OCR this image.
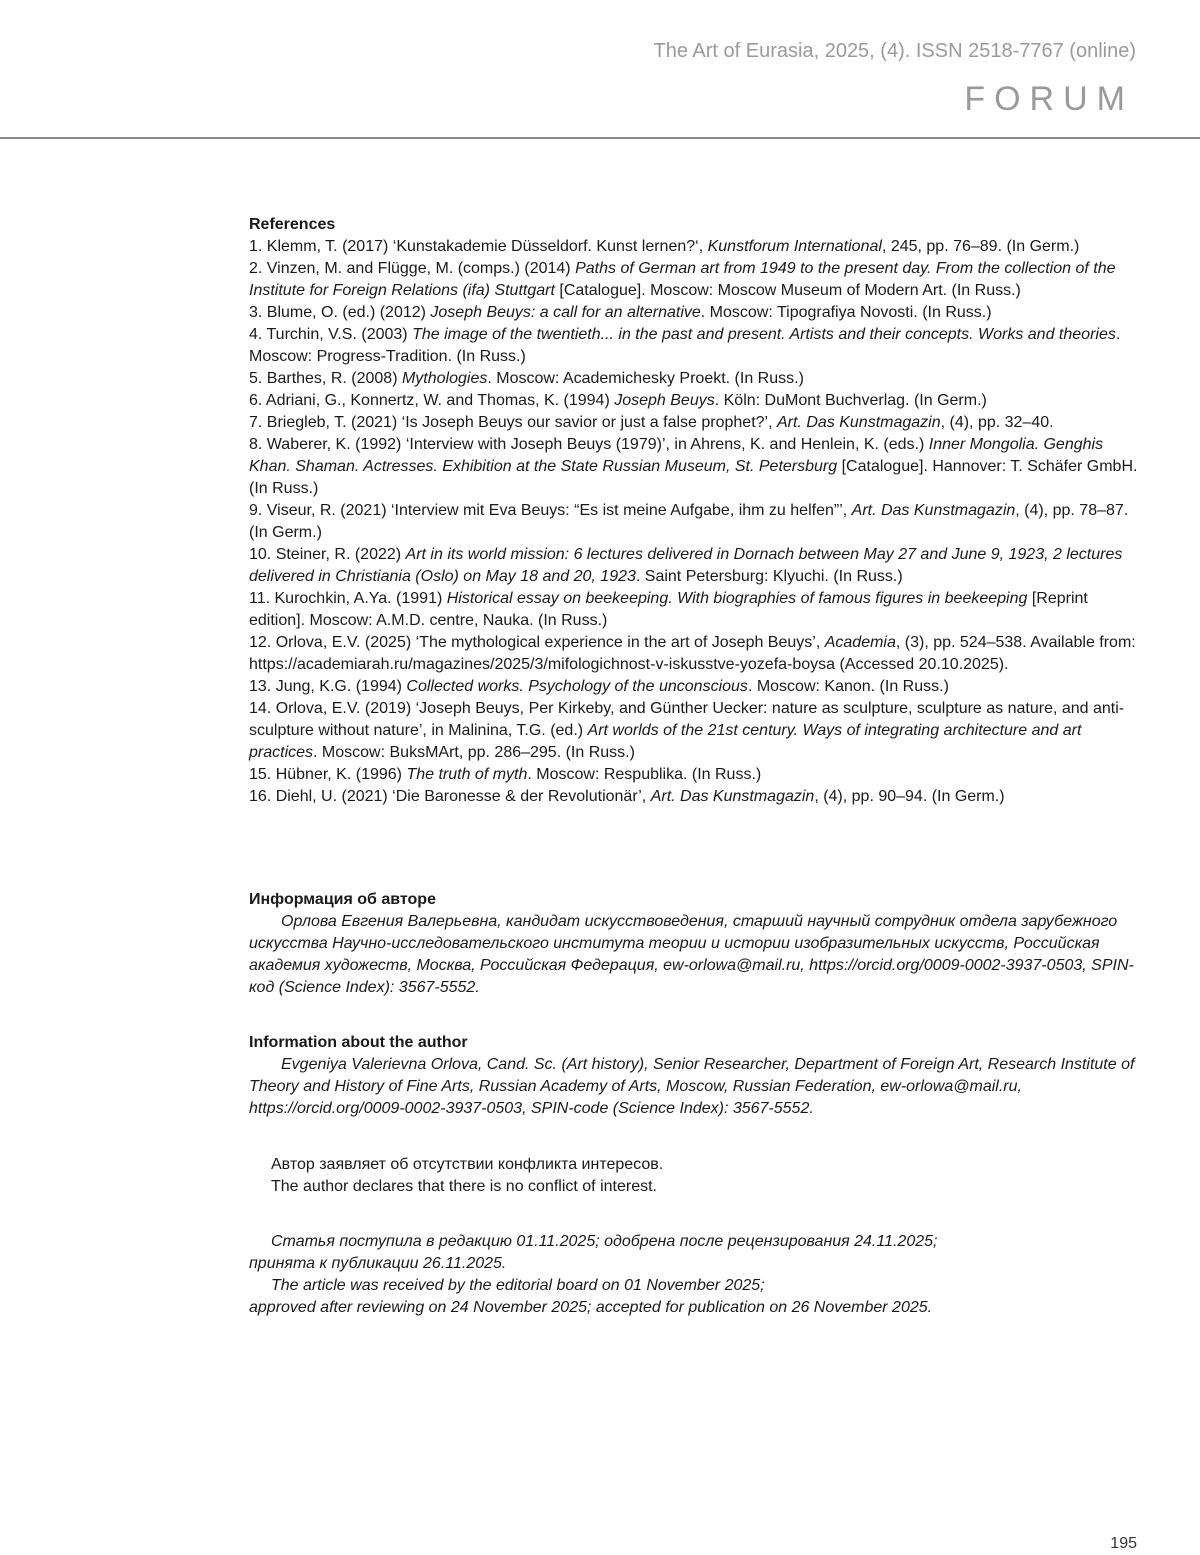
The Art of Eurasia, 2025, (4). ISSN 2518-7767 (online)
FORUM

References

1. Klemm, T. (2017) ‘Kunstakademie Düsseldorf. Kunst lernen?‘, Kunstforum International, 245, pp. 76–89. (In Germ.)
2. Vinzen, M. and Flügge, M. (comps.) (2014) Paths of German art from 1949 to the present day. From the collection of the Institute for Foreign Relations (ifa) Stuttgart [Catalogue]. Moscow: Moscow Museum of Modern Art. (In Russ.)
3. Blume, O. (ed.) (2012) Joseph Beuys: a call for an alternative. Moscow: Tipografiya Novosti. (In Russ.)
4. Turchin, V.S. (2003) The image of the twentieth... in the past and present. Artists and their concepts. Works and theories. Moscow: Progress-Tradition. (In Russ.)
5. Barthes, R. (2008) Mythologies. Moscow: Academichesky Proekt. (In Russ.)
6. Adriani, G., Konnertz, W. and Thomas, K. (1994) Joseph Beuys. Köln: DuMont Buchverlag. (In Germ.)
7. Briegleb, T. (2021) ‘Is Joseph Beuys our savior or just a false prophet?’, Art. Das Kunstmagazin, (4), pp. 32–40.
8. Waberer, K. (1992) ‘Interview with Joseph Beuys (1979)’, in Ahrens, K. and Henlein, K. (eds.) Inner Mongolia. Genghis Khan. Shaman. Actresses. Exhibition at the State Russian Museum, St. Petersburg [Catalogue]. Hannover: T. Schäfer GmbH. (In Russ.)
9. Viseur, R. (2021) ‘Interview mit Eva Beuys: “Es ist meine Aufgabe, ihm zu helfen”’, Art. Das Kunstmagazin, (4), pp. 78–87. (In Germ.)
10. Steiner, R. (2022) Art in its world mission: 6 lectures delivered in Dornach between May 27 and June 9, 1923, 2 lectures delivered in Christiania (Oslo) on May 18 and 20, 1923. Saint Petersburg: Klyuchi. (In Russ.)
11. Kurochkin, A.Ya. (1991) Historical essay on beekeeping. With biographies of famous figures in beekeeping [Reprint edition]. Moscow: A.M.D. centre, Nauka. (In Russ.)
12. Orlova, E.V. (2025) ‘The mythological experience in the art of Joseph Beuys’, Academia, (3), pp. 524–538. Available from: https://academiarah.ru/magazines/2025/3/mifologichnost-v-iskusstve-yozefa-boysa (Accessed 20.10.2025).
13. Jung, K.G. (1994) Collected works. Psychology of the unconscious. Moscow: Kanon. (In Russ.)
14. Orlova, E.V. (2019) ‘Joseph Beuys, Per Kirkeby, and Günther Uecker: nature as sculpture, sculpture as nature, and anti-sculpture without nature’, in Malinina, T.G. (ed.) Art worlds of the 21st century. Ways of integrating architecture and art practices. Moscow: BuksMArt, pp. 286–295. (In Russ.)
15. Hübner, K. (1996) The truth of myth. Moscow: Respublika. (In Russ.)
16. Diehl, U. (2021) ‘Die Baronesse & der Revolutionär’, Art. Das Kunstmagazin, (4), pp. 90–94. (In Germ.)

Информация об авторе

Орлова Евгения Валерьевна, кандидат искусствоведения, старший научный сотрудник отдела зарубежного искусства Научно-исследовательского института теории и истории изобразительных искусств, Российская академия художеств, Москва, Российская Федерация, ew-orlowa@mail.ru, https://orcid.org/0009-0002-3937-0503, SPIN-код (Science Index): 3567-5552.

Information about the author

Evgeniya Valerievna Orlova, Cand. Sc. (Art history), Senior Researcher, Department of Foreign Art, Research Institute of Theory and History of Fine Arts, Russian Academy of Arts, Moscow, Russian Federation, ew-orlowa@mail.ru, https://orcid.org/0009-0002-3937-0503, SPIN-code (Science Index): 3567-5552.

Автор заявляет об отсутствии конфликта интересов.

The author declares that there is no conflict of interest.

Статья поступила в редакцию 01.11.2025; одобрена после рецензирования 24.11.2025;

принята к публикации 26.11.2025.

The article was received by the editorial board on 01 November 2025;

approved after reviewing on 24 November 2025; accepted for publication on 26 November 2025.

195
